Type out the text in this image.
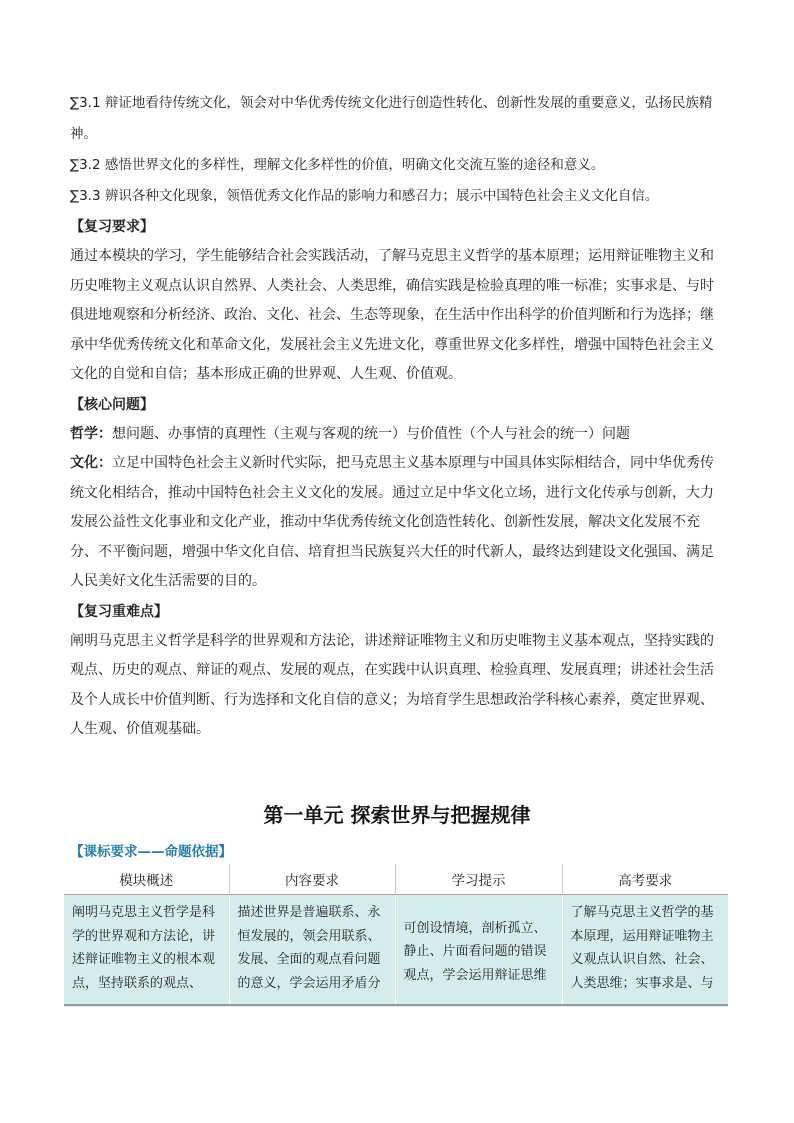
∑3.1 辩证地看待传统文化，领会对中华优秀传统文化进行创造性转化、创新性发展的重要意义，弘扬民族精神。

∑3.2 感悟世界文化的多样性，理解文化多样性的价值，明确文化交流互鉴的途径和意义。

∑3.3 辨识各种文化现象，领悟优秀文化作品的影响力和感召力；展示中国特色社会主义文化自信。

【复习要求】

通过本模块的学习，学生能够结合社会实践活动，了解马克思主义哲学的基本原理；运用辩证唯物主义和历史唯物主义观点认识自然界、人类社会、人类思维，确信实践是检验真理的唯一标准；实事求是、与时俱进地观察和分析经济、政治、文化、社会、生态等现象，在生活中作出科学的价值判断和行为选择；继承中华优秀传统文化和革命文化，发展社会主义先进文化，尊重世界文化多样性，增强中国特色社会主义文化的自觉和自信；基本形成正确的世界观、人生观、价值观。

【核心问题】

哲学：想问题、办事情的真理性（主观与客观的统一）与价值性（个人与社会的统一）问题

文化：立足中国特色社会主义新时代实际，把马克思主义基本原理与中国具体实际相结合，同中华优秀传统文化相结合，推动中国特色社会主义文化的发展。通过立足中华文化立场，进行文化传承与创新，大力发展公益性文化事业和文化产业，推动中华优秀传统文化创造性转化、创新性发展，解决文化发展不充分、不平衡问题，增强中华文化自信、培育担当民族复兴大任的时代新人，最终达到建设文化强国、满足人民美好文化生活需要的目的。

【复习重难点】

阐明马克思主义哲学是科学的世界观和方法论，讲述辩证唯物主义和历史唯物主义基本观点，坚持实践的观点、历史的观点、辩证的观点、发展的观点，在实践中认识真理、检验真理、发展真理；讲述社会生活及个人成长中价值判断、行为选择和文化自信的意义；为培育学生思想政治学科核心素养，奠定世界观、人生观、价值观基础。

第一单元 探索世界与把握规律

【课标要求——命题依据】

模块概述	内容要求	学习提示	高考要求

阐明马克思主义哲学是科学的世界观和方法论，讲述辩证唯物主义的根本观点，坚持联系的观点、	描述世界是普遍联系、永恒发展的，领会用联系、发展、全面的观点看问题的意义，学会运用矛盾分	可创设情境，剖析孤立、静止、片面看问题的错误观点，学会运用辩证思维	了解马克思主义哲学的基本原理，运用辩证唯物主义观点认识自然、社会、人类思维；实事求是、与
